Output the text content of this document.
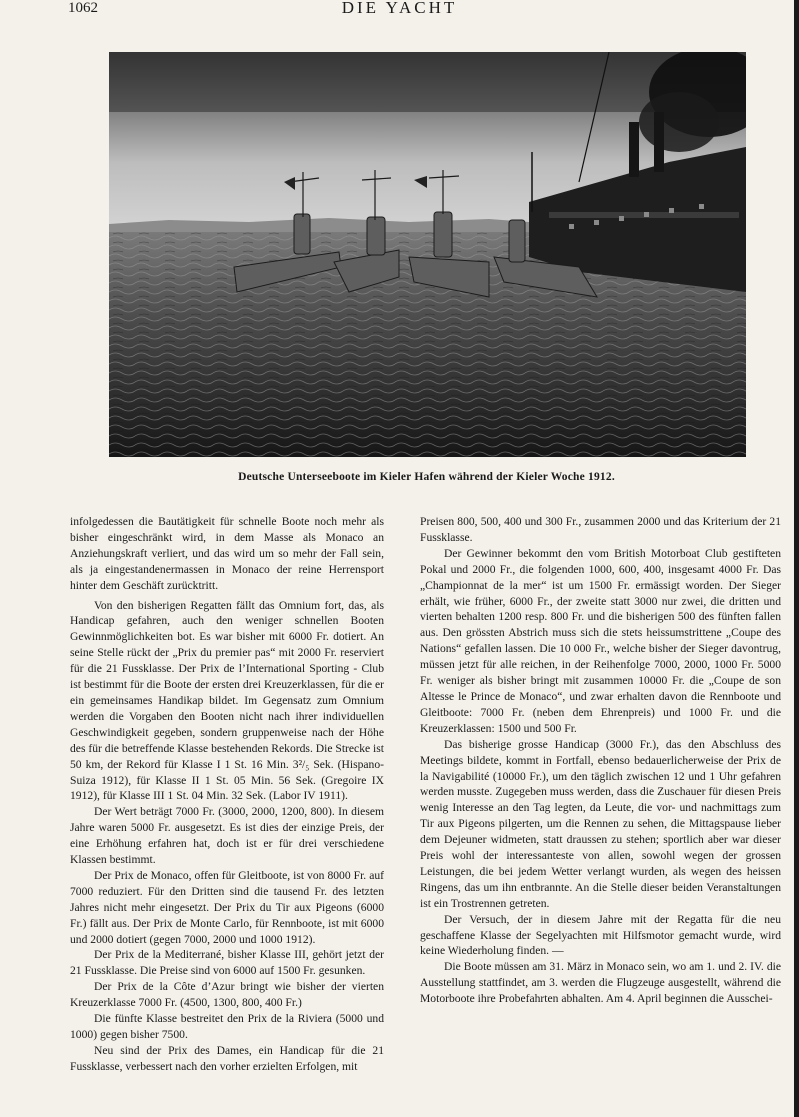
1062	DIE YACHT
Deutsche Unterseeboote im Kieler Hafen während der Kieler Woche 1912.

infolgedessen die Bautätigkeit für schnelle Boote noch mehr als bisher eingeschränkt wird, in dem Masse als Monaco an Anziehungskraft verliert, und das wird um so mehr der Fall sein, als ja eingestandenermassen in Monaco der reine Herrensport hinter dem Geschäft zurücktritt.

Von den bisherigen Regatten fällt das Omnium fort, das, als Handicap gefahren, auch den weniger schnellen Booten Gewinnmöglichkeiten bot. Es war bisher mit 6000 Fr. dotiert. An seine Stelle rückt der „Prix du premier pas“ mit 2000 Fr. reserviert für die 21 Fussklasse. Der Prix de l’International Sporting - Club ist bestimmt für die Boote der ersten drei Kreuzerklassen, für die er ein gemeinsames Handikap bildet. Im Gegensatz zum Omnium werden die Vorgaben den Booten nicht nach ihrer individuellen Geschwindigkeit gegeben, sondern gruppenweise nach der Höhe des für die betreffende Klasse bestehenden Rekords. Die Strecke ist 50 km, der Rekord für Klasse I 1 St. 16 Min. 3²/₅ Sek. (Hispano-Suiza 1912), für Klasse II 1 St. 05 Min. 56 Sek. (Gregoire IX 1912), für Klasse III 1 St. 04 Min. 32 Sek. (Labor IV 1911).

Der Wert beträgt 7000 Fr. (3000, 2000, 1200, 800). In diesem Jahre waren 5000 Fr. ausgesetzt. Es ist dies der einzige Preis, der eine Erhöhung erfahren hat, doch ist er für drei verschiedene Klassen bestimmt.

Der Prix de Monaco, offen für Gleitboote, ist von 8000 Fr. auf 7000 reduziert. Für den Dritten sind die tausend Fr. des letzten Jahres nicht mehr eingesetzt. Der Prix du Tir aux Pigeons (6000 Fr.) fällt aus. Der Prix de Monte Carlo, für Rennboote, ist mit 6000 und 2000 dotiert (gegen 7000, 2000 und 1000 1912).

Der Prix de la Mediterrané, bisher Klasse III, gehört jetzt der 21 Fussklasse. Die Preise sind von 6000 auf 1500 Fr. gesunken.

Der Prix de la Côte d’Azur bringt wie bisher der vierten Kreuzerklasse 7000 Fr. (4500, 1300, 800, 400 Fr.)

Die fünfte Klasse bestreitet den Prix de la Riviera (5000 und 1000) gegen bisher 7500.

Neu sind der Prix des Dames, ein Handicap für die 21 Fussklasse, verbessert nach den vorher erzielten Erfolgen, mit

Preisen 800, 500, 400 und 300 Fr., zusammen 2000 und das Kriterium der 21 Fussklasse.

Der Gewinner bekommt den vom British Motorboat Club gestifteten Pokal und 2000 Fr., die folgenden 1000, 600, 400, insgesamt 4000 Fr. Das „Championnat de la mer“ ist um 1500 Fr. ermässigt worden. Der Sieger erhält, wie früher, 6000 Fr., der zweite statt 3000 nur zwei, die dritten und vierten behalten 1200 resp. 800 Fr. und die bisherigen 500 des fünften fallen aus. Den grössten Abstrich muss sich die stets heissumstrittene „Coupe des Nations“ gefallen lassen. Die 10 000 Fr., welche bisher der Sieger davontrug, müssen jetzt für alle reichen, in der Reihenfolge 7000, 2000, 1000 Fr. 5000 Fr. weniger als bisher bringt mit zusammen 10000 Fr. die „Coupe de son Altesse le Prince de Monaco“, und zwar erhalten davon die Rennboote und Gleitboote: 7000 Fr. (neben dem Ehrenpreis) und 1000 Fr. und die Kreuzerklassen: 1500 und 500 Fr.

Das bisherige grosse Handicap (3000 Fr.), das den Abschluss des Meetings bildete, kommt in Fortfall, ebenso bedauerlicherweise der Prix de la Navigabilité (10000 Fr.), um den täglich zwischen 12 und 1 Uhr gefahren werden musste. Zugegeben muss werden, dass die Zuschauer für diesen Preis wenig Interesse an den Tag legten, da Leute, die vor- und nachmittags zum Tir aux Pigeons pilgerten, um die Rennen zu sehen, die Mittagspause lieber dem Dejeuner widmeten, statt draussen zu stehen; sportlich aber war dieser Preis wohl der interessanteste von allen, sowohl wegen der grossen Leistungen, die bei jedem Wetter verlangt wurden, als wegen des heissen Ringens, das um ihn entbrannte. An die Stelle dieser beiden Veranstaltungen ist ein Trostrennen getreten.

Der Versuch, der in diesem Jahre mit der Regatta für die neu geschaffene Klasse der Segelyachten mit Hilfsmotor gemacht wurde, wird keine Wiederholung finden. —

Die Boote müssen am 31. März in Monaco sein, wo am 1. und 2. IV. die Ausstellung stattfindet, am 3. werden die Flugzeuge ausgestellt, während die Motorboote ihre Probefahrten abhalten. Am 4. April beginnen die Ausschei-
